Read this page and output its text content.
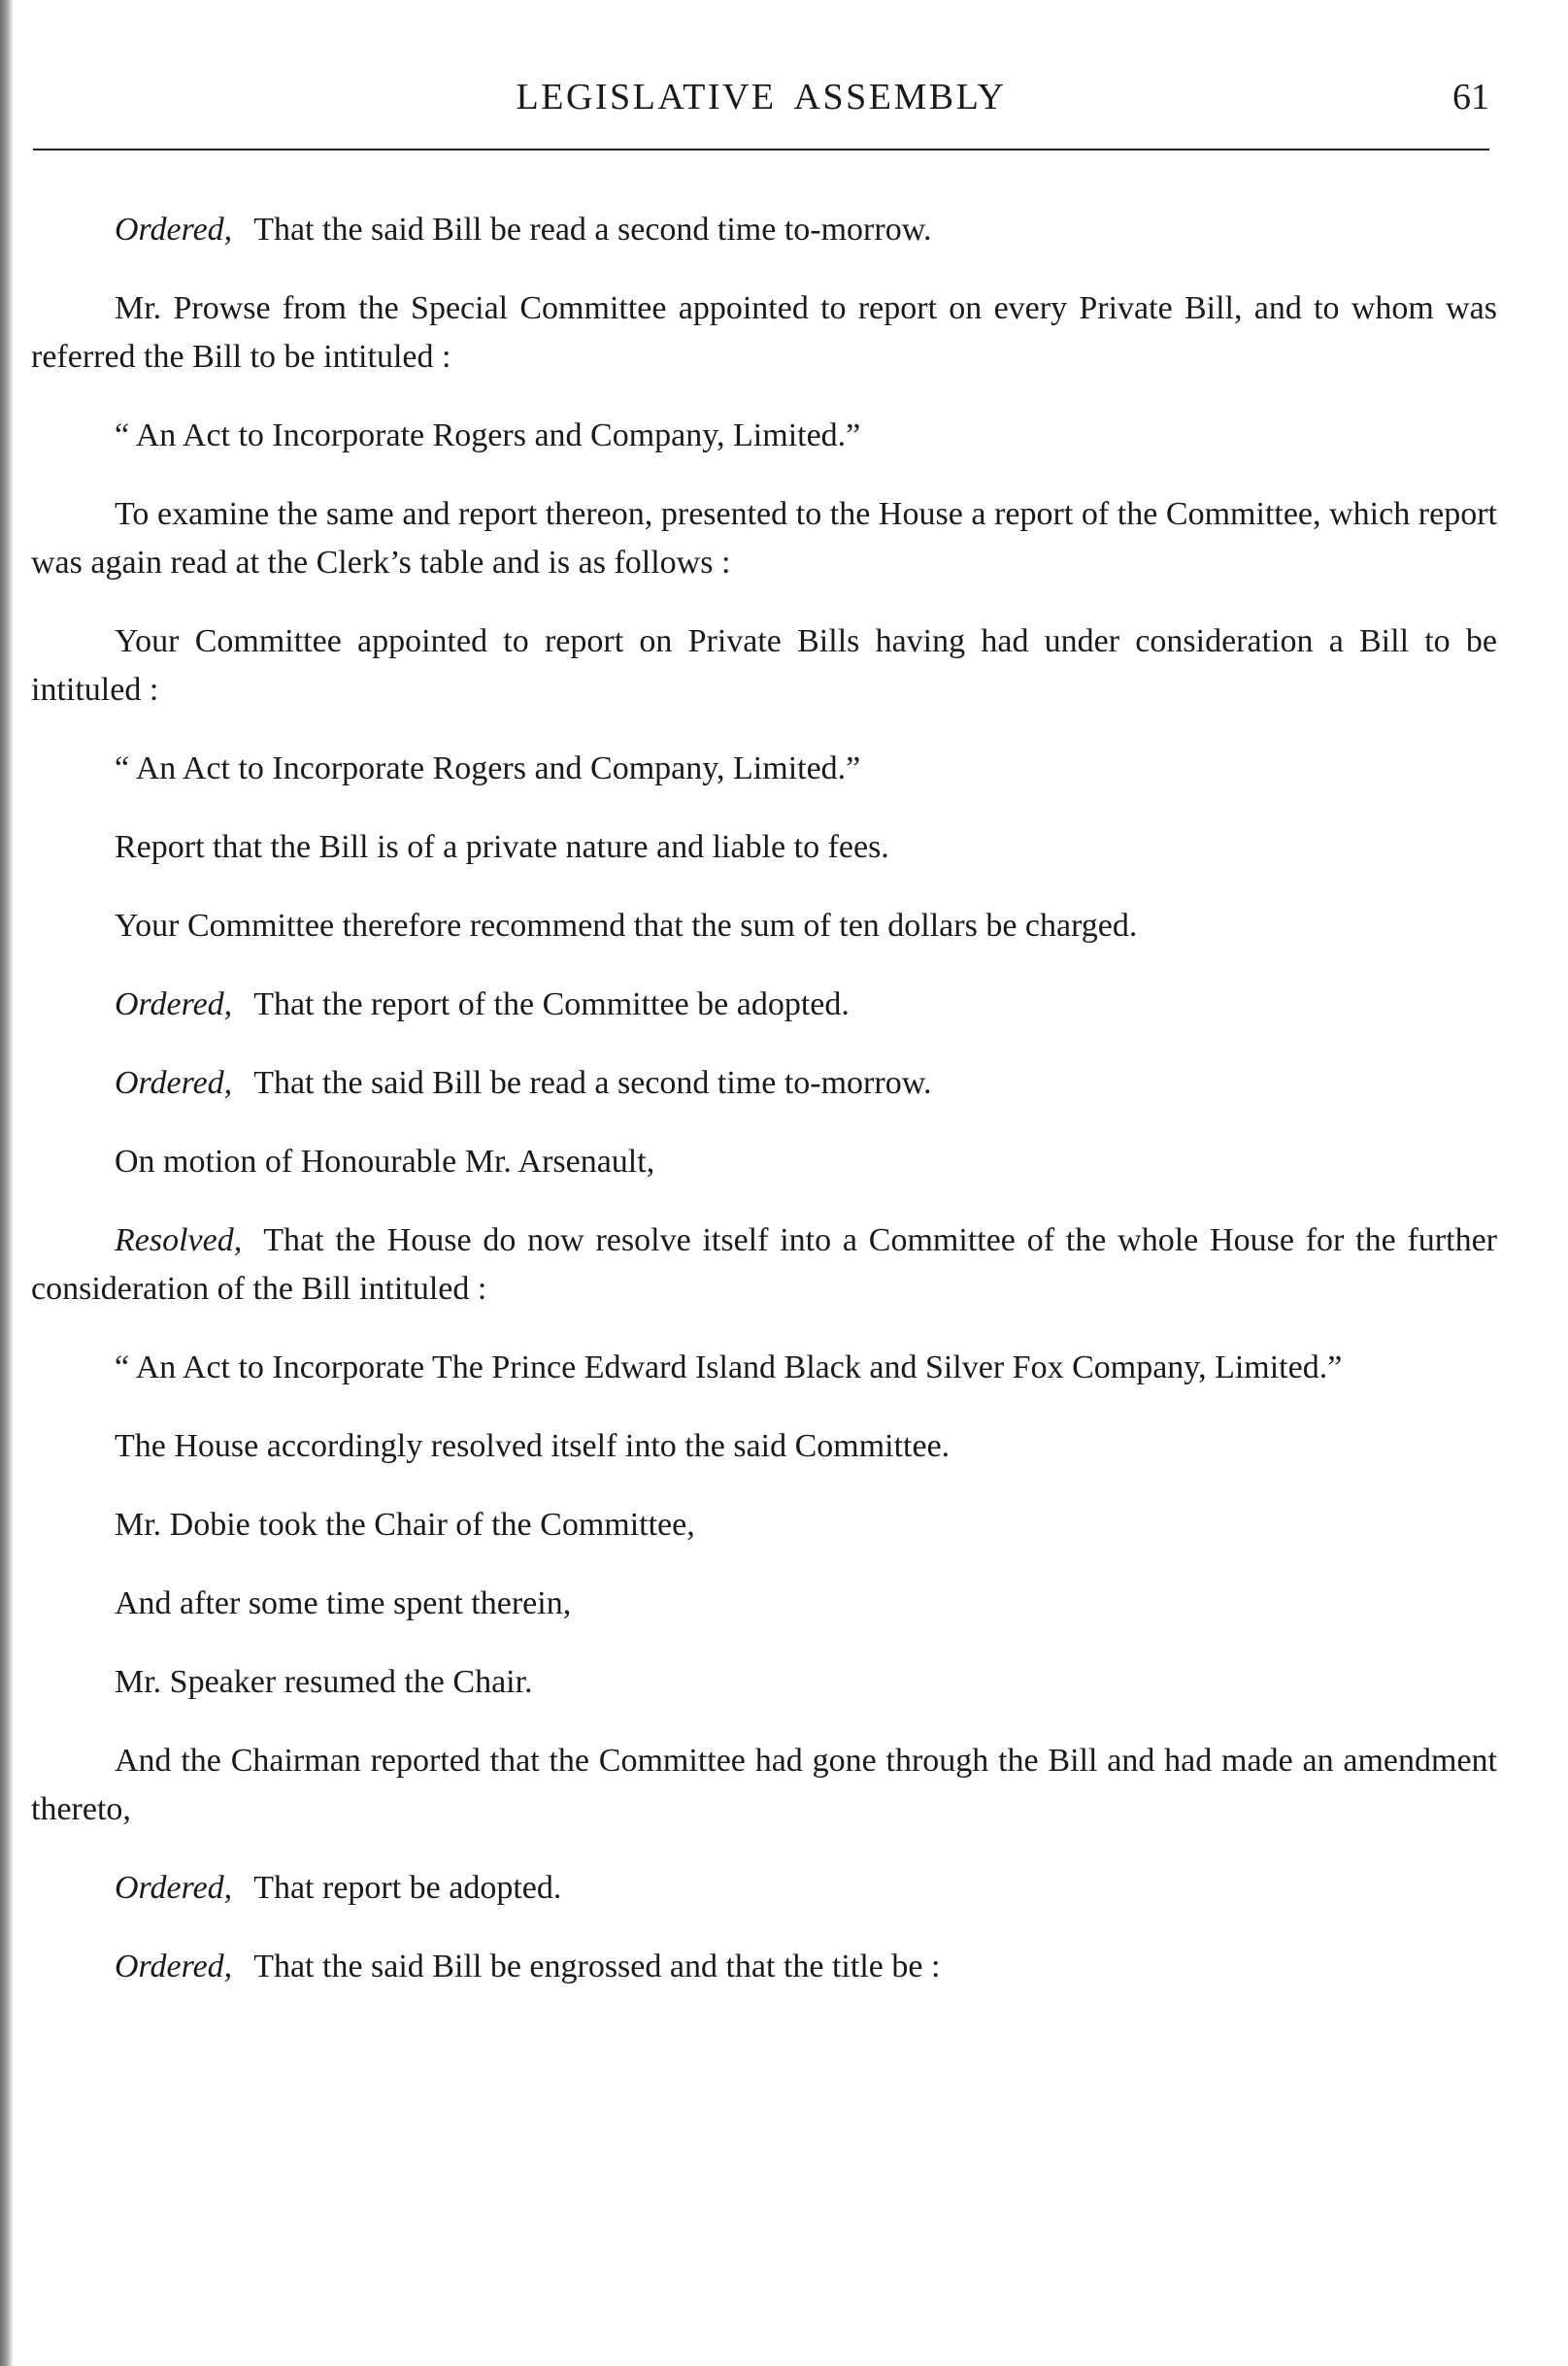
LEGISLATIVE ASSEMBLY	61

Ordered, That the said Bill be read a second time to-morrow.

Mr. Prowse from the Special Committee appointed to report on every Private Bill, and to whom was referred the Bill to be intituled :

“ An Act to Incorporate Rogers and Company, Limited.”

To examine the same and report thereon, presented to the House a report of the Committee, which report was again read at the Clerk’s table and is as follows :

Your Committee appointed to report on Private Bills having had under consideration a Bill to be intituled :

“ An Act to Incorporate Rogers and Company, Limited.”

Report that the Bill is of a private nature and liable to fees.

Your Committee therefore recommend that the sum of ten dollars be charged.

Ordered, That the report of the Committee be adopted.

Ordered, That the said Bill be read a second time to-morrow.

On motion of Honourable Mr. Arsenault,

Resolved, That the House do now resolve itself into a Committee of the whole House for the further consideration of the Bill intituled :

“ An Act to Incorporate The Prince Edward Island Black and Silver Fox Company, Limited.”

The House accordingly resolved itself into the said Committee.

Mr. Dobie took the Chair of the Committee,

And after some time spent therein,

Mr. Speaker resumed the Chair.

And the Chairman reported that the Committee had gone through the Bill and had made an amendment thereto,

Ordered, That report be adopted.

Ordered, That the said Bill be engrossed and that the title be :
